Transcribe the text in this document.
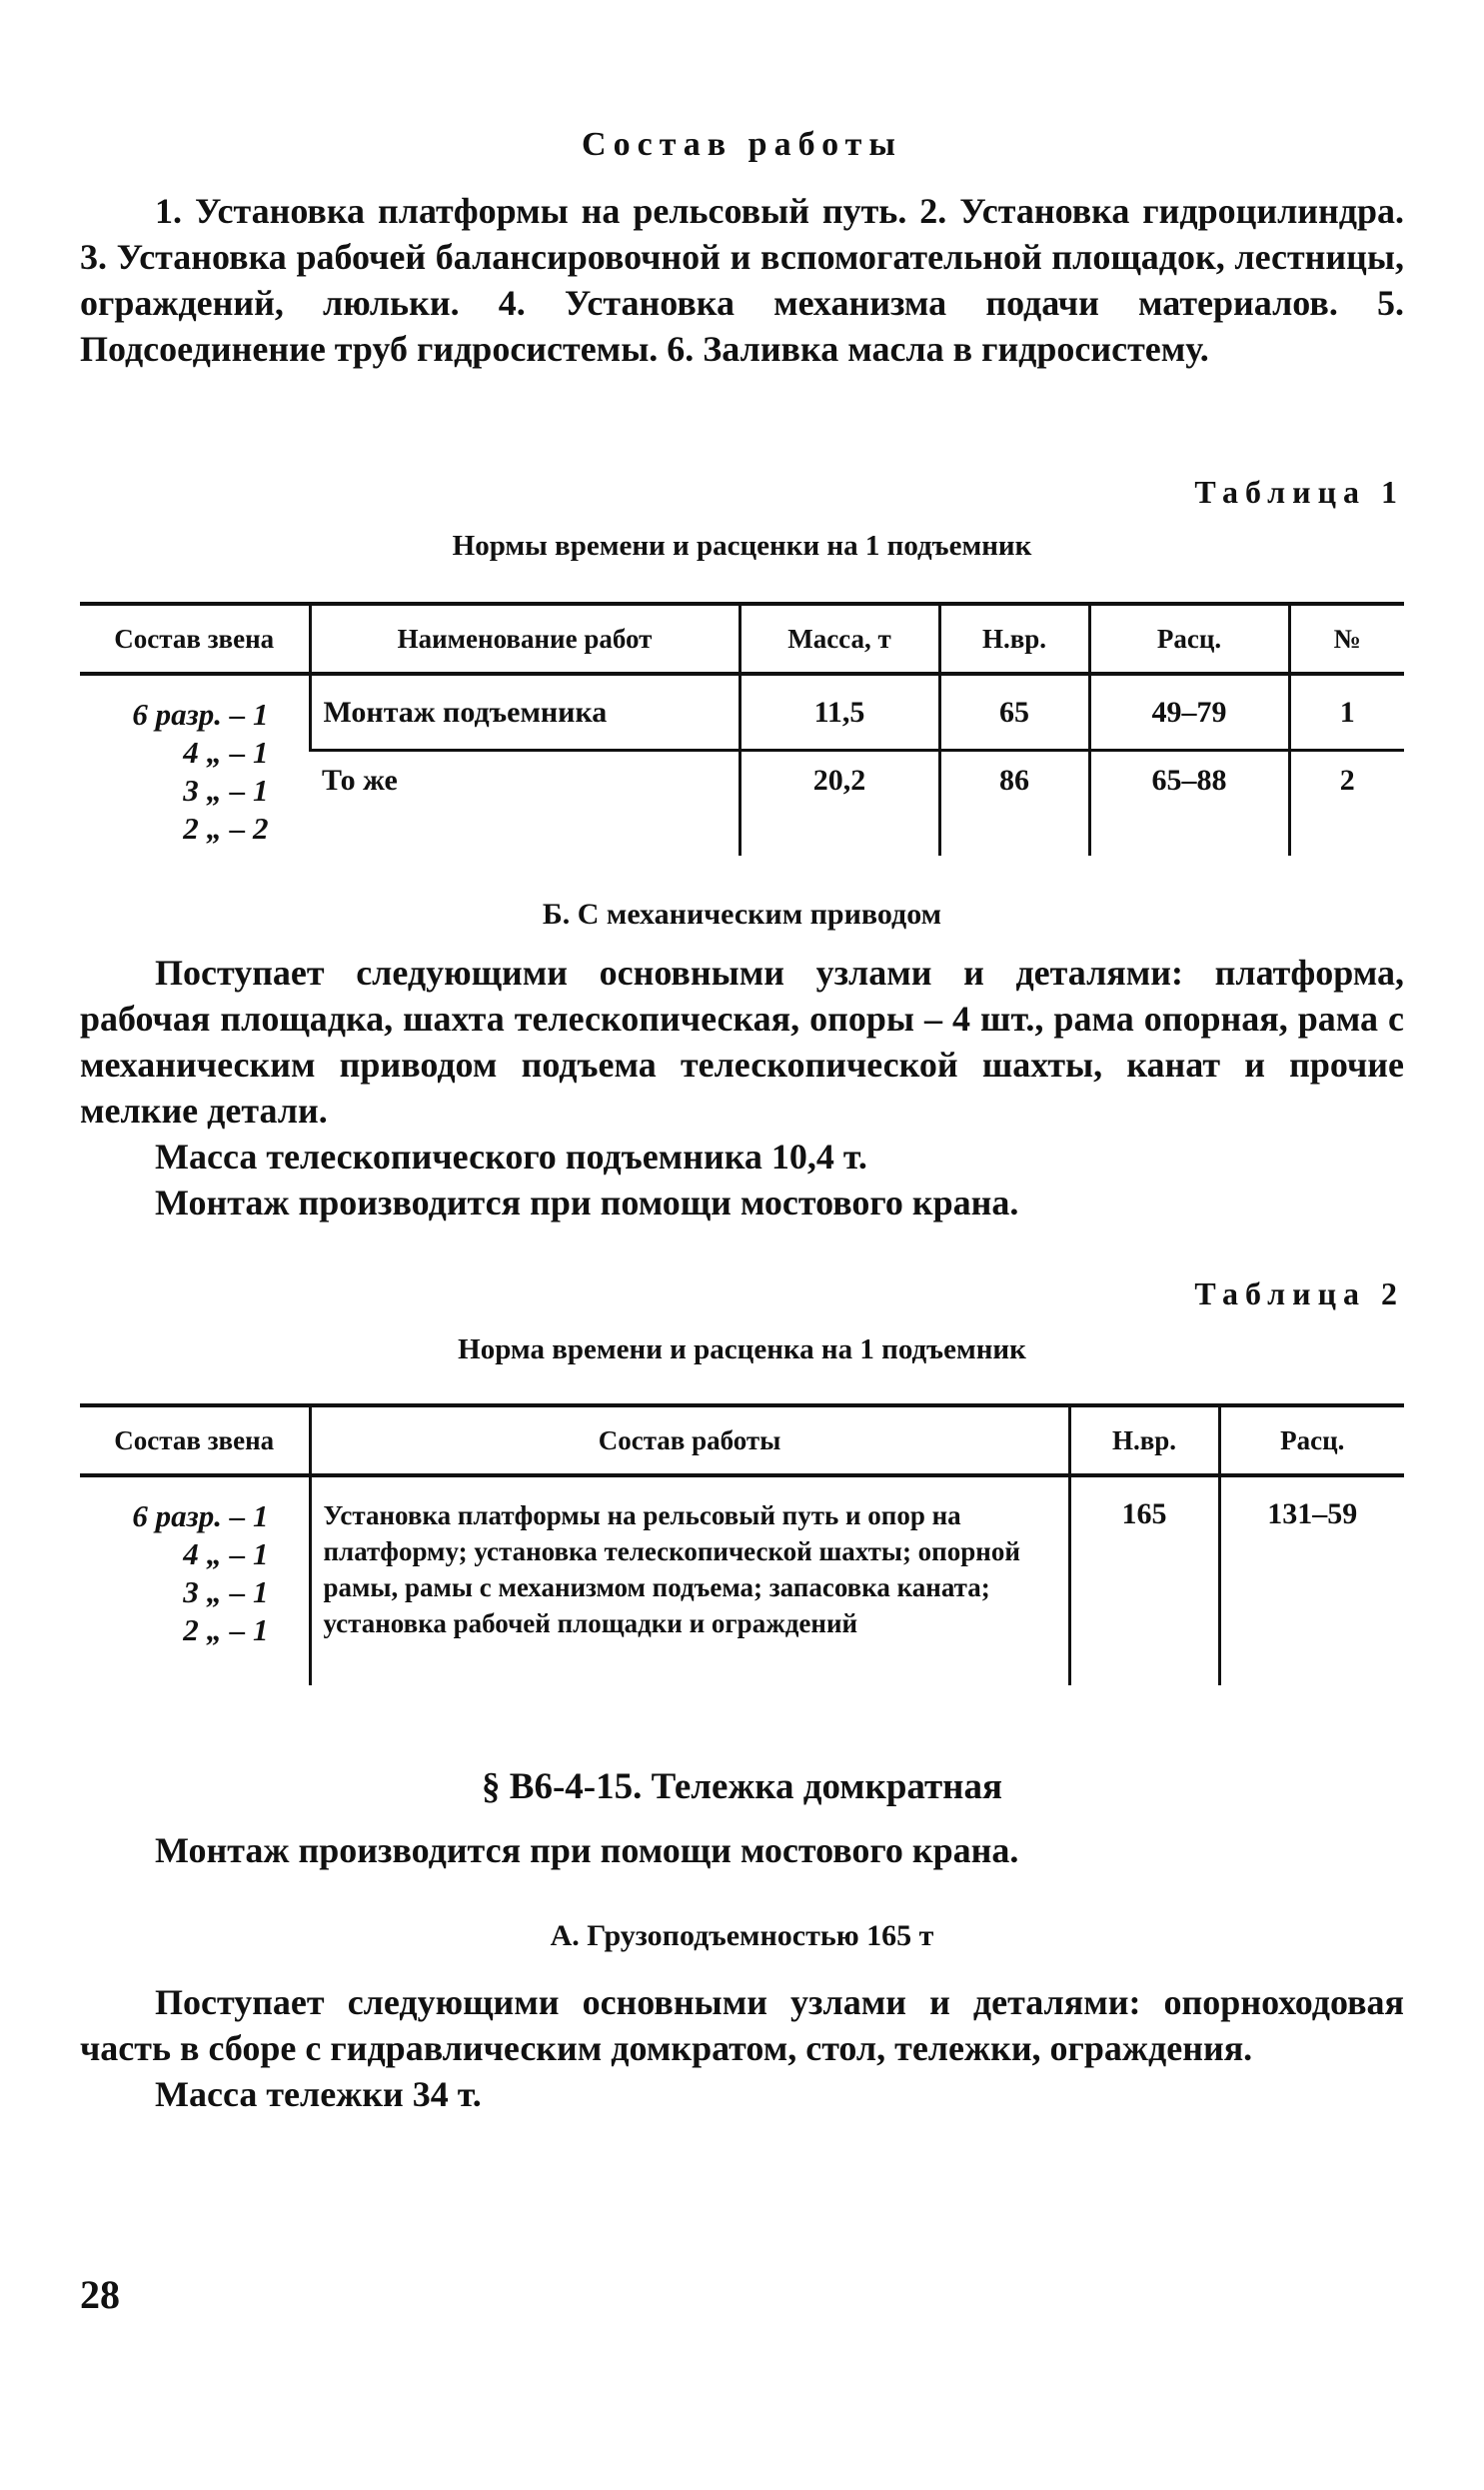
Состав работы

1. Установка платформы на рельсовый путь. 2. Установка гидроцилиндра. 3. Установка рабочей балансировочной и вспомогательной площадок, лестницы, ограждений, люльки. 4. Установка механизма подачи материалов. 5. Подсоединение труб гидросистемы. 6. Заливка масла в гидросистему.

Таблица 1
Нормы времени и расценки на 1 подъемник
Состав звена	Наименование работ	Масса, т	Н.вр.	Расц.	№

6 разр. – 1
4 „ – 1
3 „ – 1
2 „ – 2	Монтаж подъемника	11,5	65	49–79	1
	То же	20,2	86	65–88	2
Б. С механическим приводом

Поступает следующими основными узлами и деталями: платформа, рабочая площадка, шахта телескопическая, опоры – 4 шт., рама опорная, рама с механическим приводом подъема телескопической шахты, канат и прочие мелкие детали.

Масса телескопического подъемника 10,4 т.

Монтаж производится при помощи мостового крана.

Таблица 2
Норма времени и расценка на 1 подъемник
Состав звена	Состав работы	Н.вр.	Расц.

6 разр. – 1
4 „ – 1
3 „ – 1
2 „ – 1	Установка платформы на рельсовый путь и опор на платформу; установка телескопической шахты; опорной рамы, рамы с механизмом подъема; запасовка каната; установка рабочей площадки и ограждений	165	131–59
§ В6-4-15. Тележка домкратная

Монтаж производится при помощи мостового крана.

А. Грузоподъемностью 165 т

Поступает следующими основными узлами и деталями: опорноходовая часть в сборе с гидравлическим домкратом, стол, тележки, ограждения.

Масса тележки 34 т.

28
